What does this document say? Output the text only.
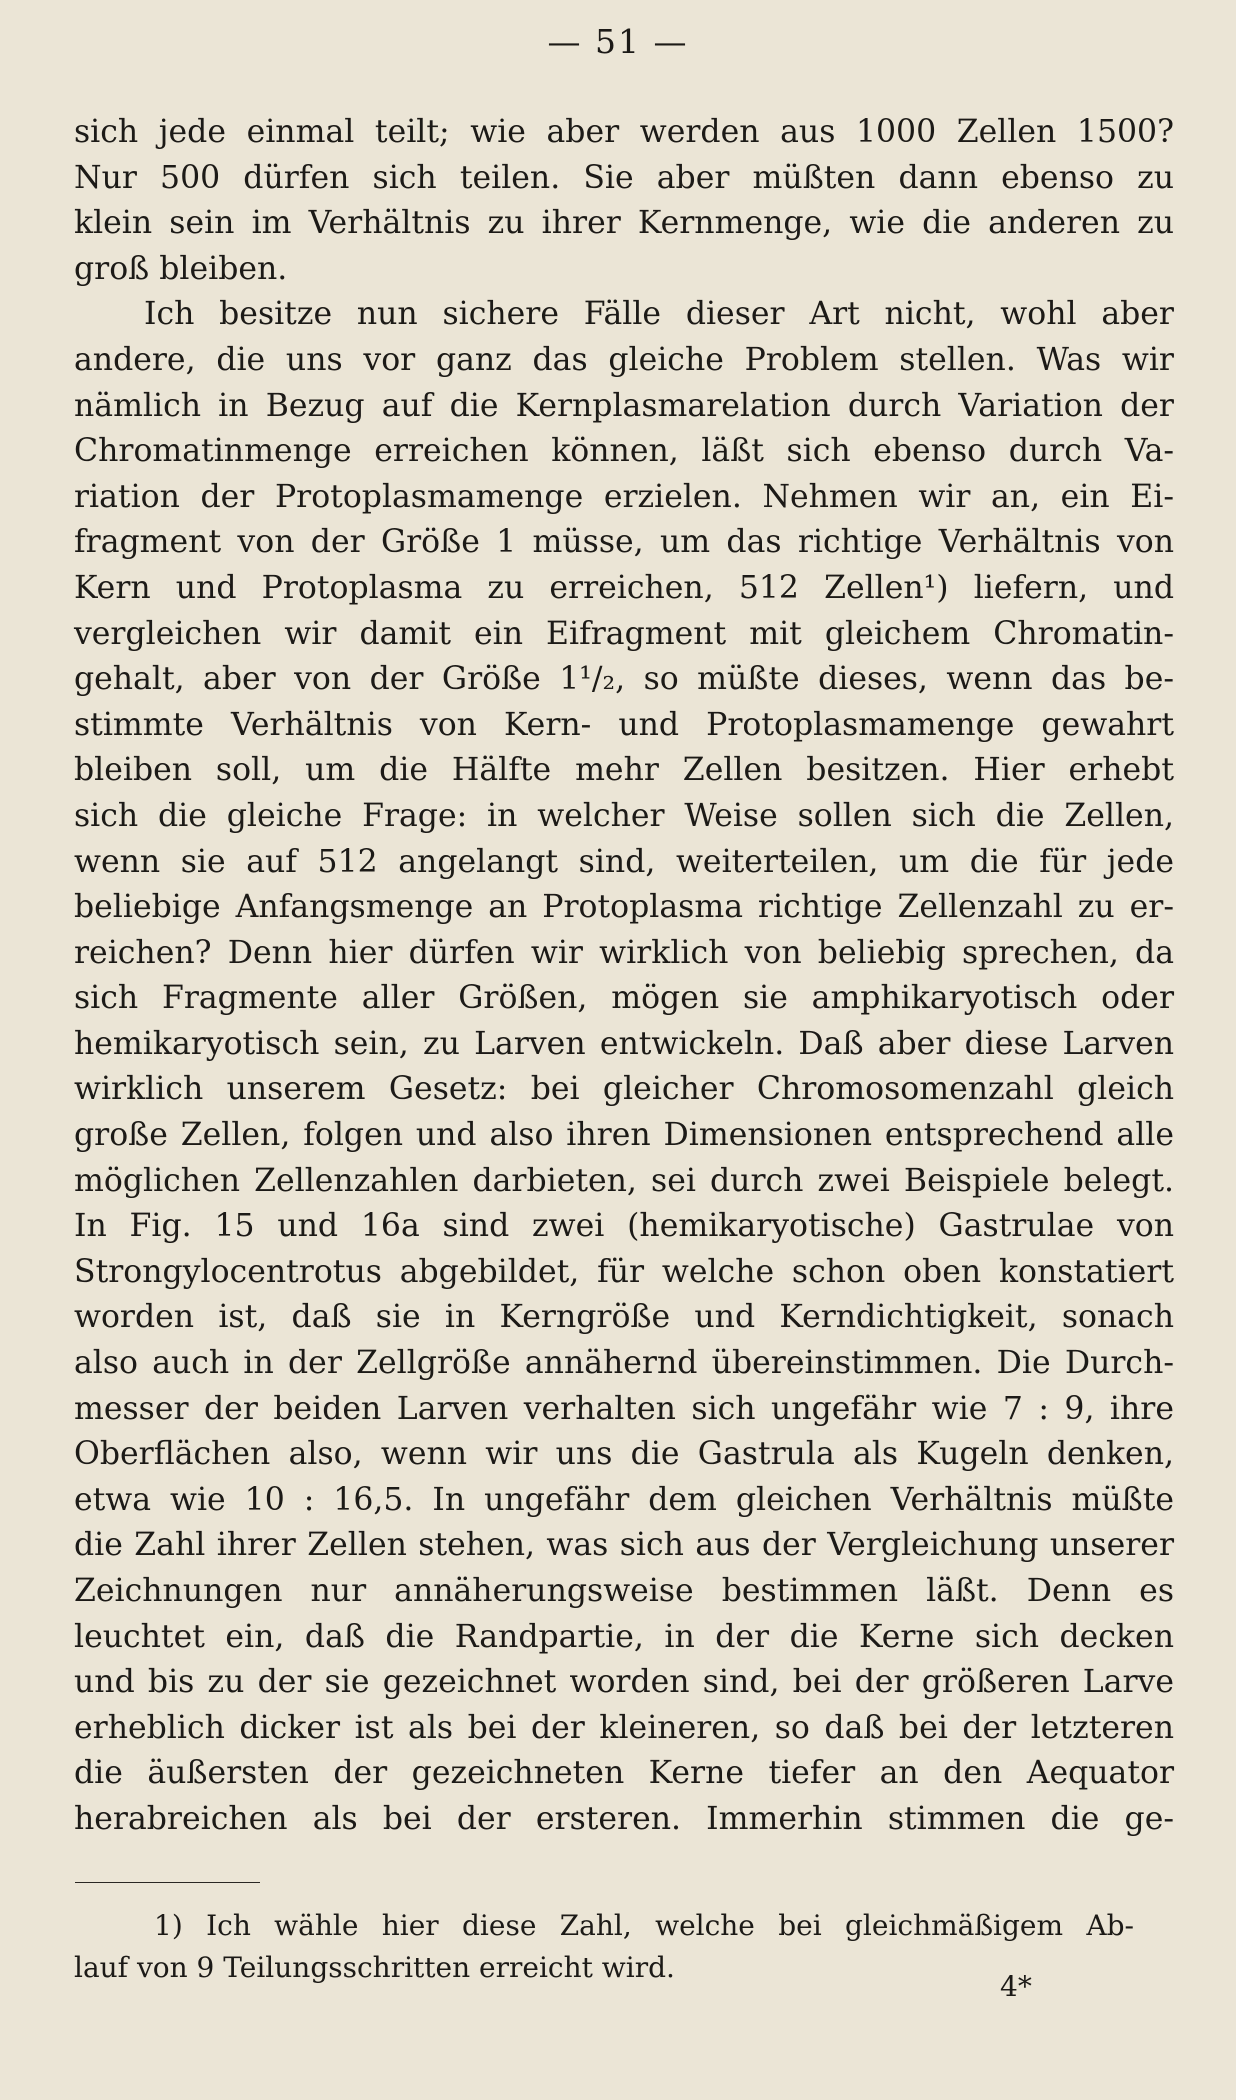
— 51 —
sich jede einmal teilt; wie aber werden aus 1000 Zellen 1500?
Nur 500 dürfen sich teilen. Sie aber müßten dann ebenso zu
klein sein im Verhältnis zu ihrer Kernmenge, wie die anderen zu
groß bleiben.
Ich besitze nun sichere Fälle dieser Art nicht, wohl aber
andere, die uns vor ganz das gleiche Problem stellen. Was wir
nämlich in Bezug auf die Kernplasmarelation durch Variation der
Chromatinmenge erreichen können, läßt sich ebenso durch Va-
riation der Protoplasmamenge erzielen. Nehmen wir an, ein Ei-
fragment von der Größe 1 müsse, um das richtige Verhältnis von
Kern und Protoplasma zu erreichen, 512 Zellen¹) liefern, und
vergleichen wir damit ein Eifragment mit gleichem Chromatin-
gehalt, aber von der Größe 1¹/₂, so müßte dieses, wenn das be-
stimmte Verhältnis von Kern- und Protoplasmamenge gewahrt
bleiben soll, um die Hälfte mehr Zellen besitzen. Hier erhebt
sich die gleiche Frage: in welcher Weise sollen sich die Zellen,
wenn sie auf 512 angelangt sind, weiterteilen, um die für jede
beliebige Anfangsmenge an Protoplasma richtige Zellenzahl zu er-
reichen? Denn hier dürfen wir wirklich von beliebig sprechen, da
sich Fragmente aller Größen, mögen sie amphikaryotisch oder
hemikaryotisch sein, zu Larven entwickeln. Daß aber diese Larven
wirklich unserem Gesetz: bei gleicher Chromosomenzahl gleich
große Zellen, folgen und also ihren Dimensionen entsprechend alle
möglichen Zellenzahlen darbieten, sei durch zwei Beispiele belegt.
In Fig. 15 und 16a sind zwei (hemikaryotische) Gastrulae von
Strongylocentrotus abgebildet, für welche schon oben konstatiert
worden ist, daß sie in Kerngröße und Kerndichtigkeit, sonach
also auch in der Zellgröße annähernd übereinstimmen. Die Durch-
messer der beiden Larven verhalten sich ungefähr wie 7 : 9, ihre
Oberflächen also, wenn wir uns die Gastrula als Kugeln denken,
etwa wie 10 : 16,5. In ungefähr dem gleichen Verhältnis müßte
die Zahl ihrer Zellen stehen, was sich aus der Vergleichung unserer
Zeichnungen nur annäherungsweise bestimmen läßt. Denn es
leuchtet ein, daß die Randpartie, in der die Kerne sich decken
und bis zu der sie gezeichnet worden sind, bei der größeren Larve
erheblich dicker ist als bei der kleineren, so daß bei der letzteren
die äußersten der gezeichneten Kerne tiefer an den Aequator
herabreichen als bei der ersteren. Immerhin stimmen die ge-
1) Ich wähle hier diese Zahl, welche bei gleichmäßigem Ab-
lauf von 9 Teilungsschritten erreicht wird.
4*
